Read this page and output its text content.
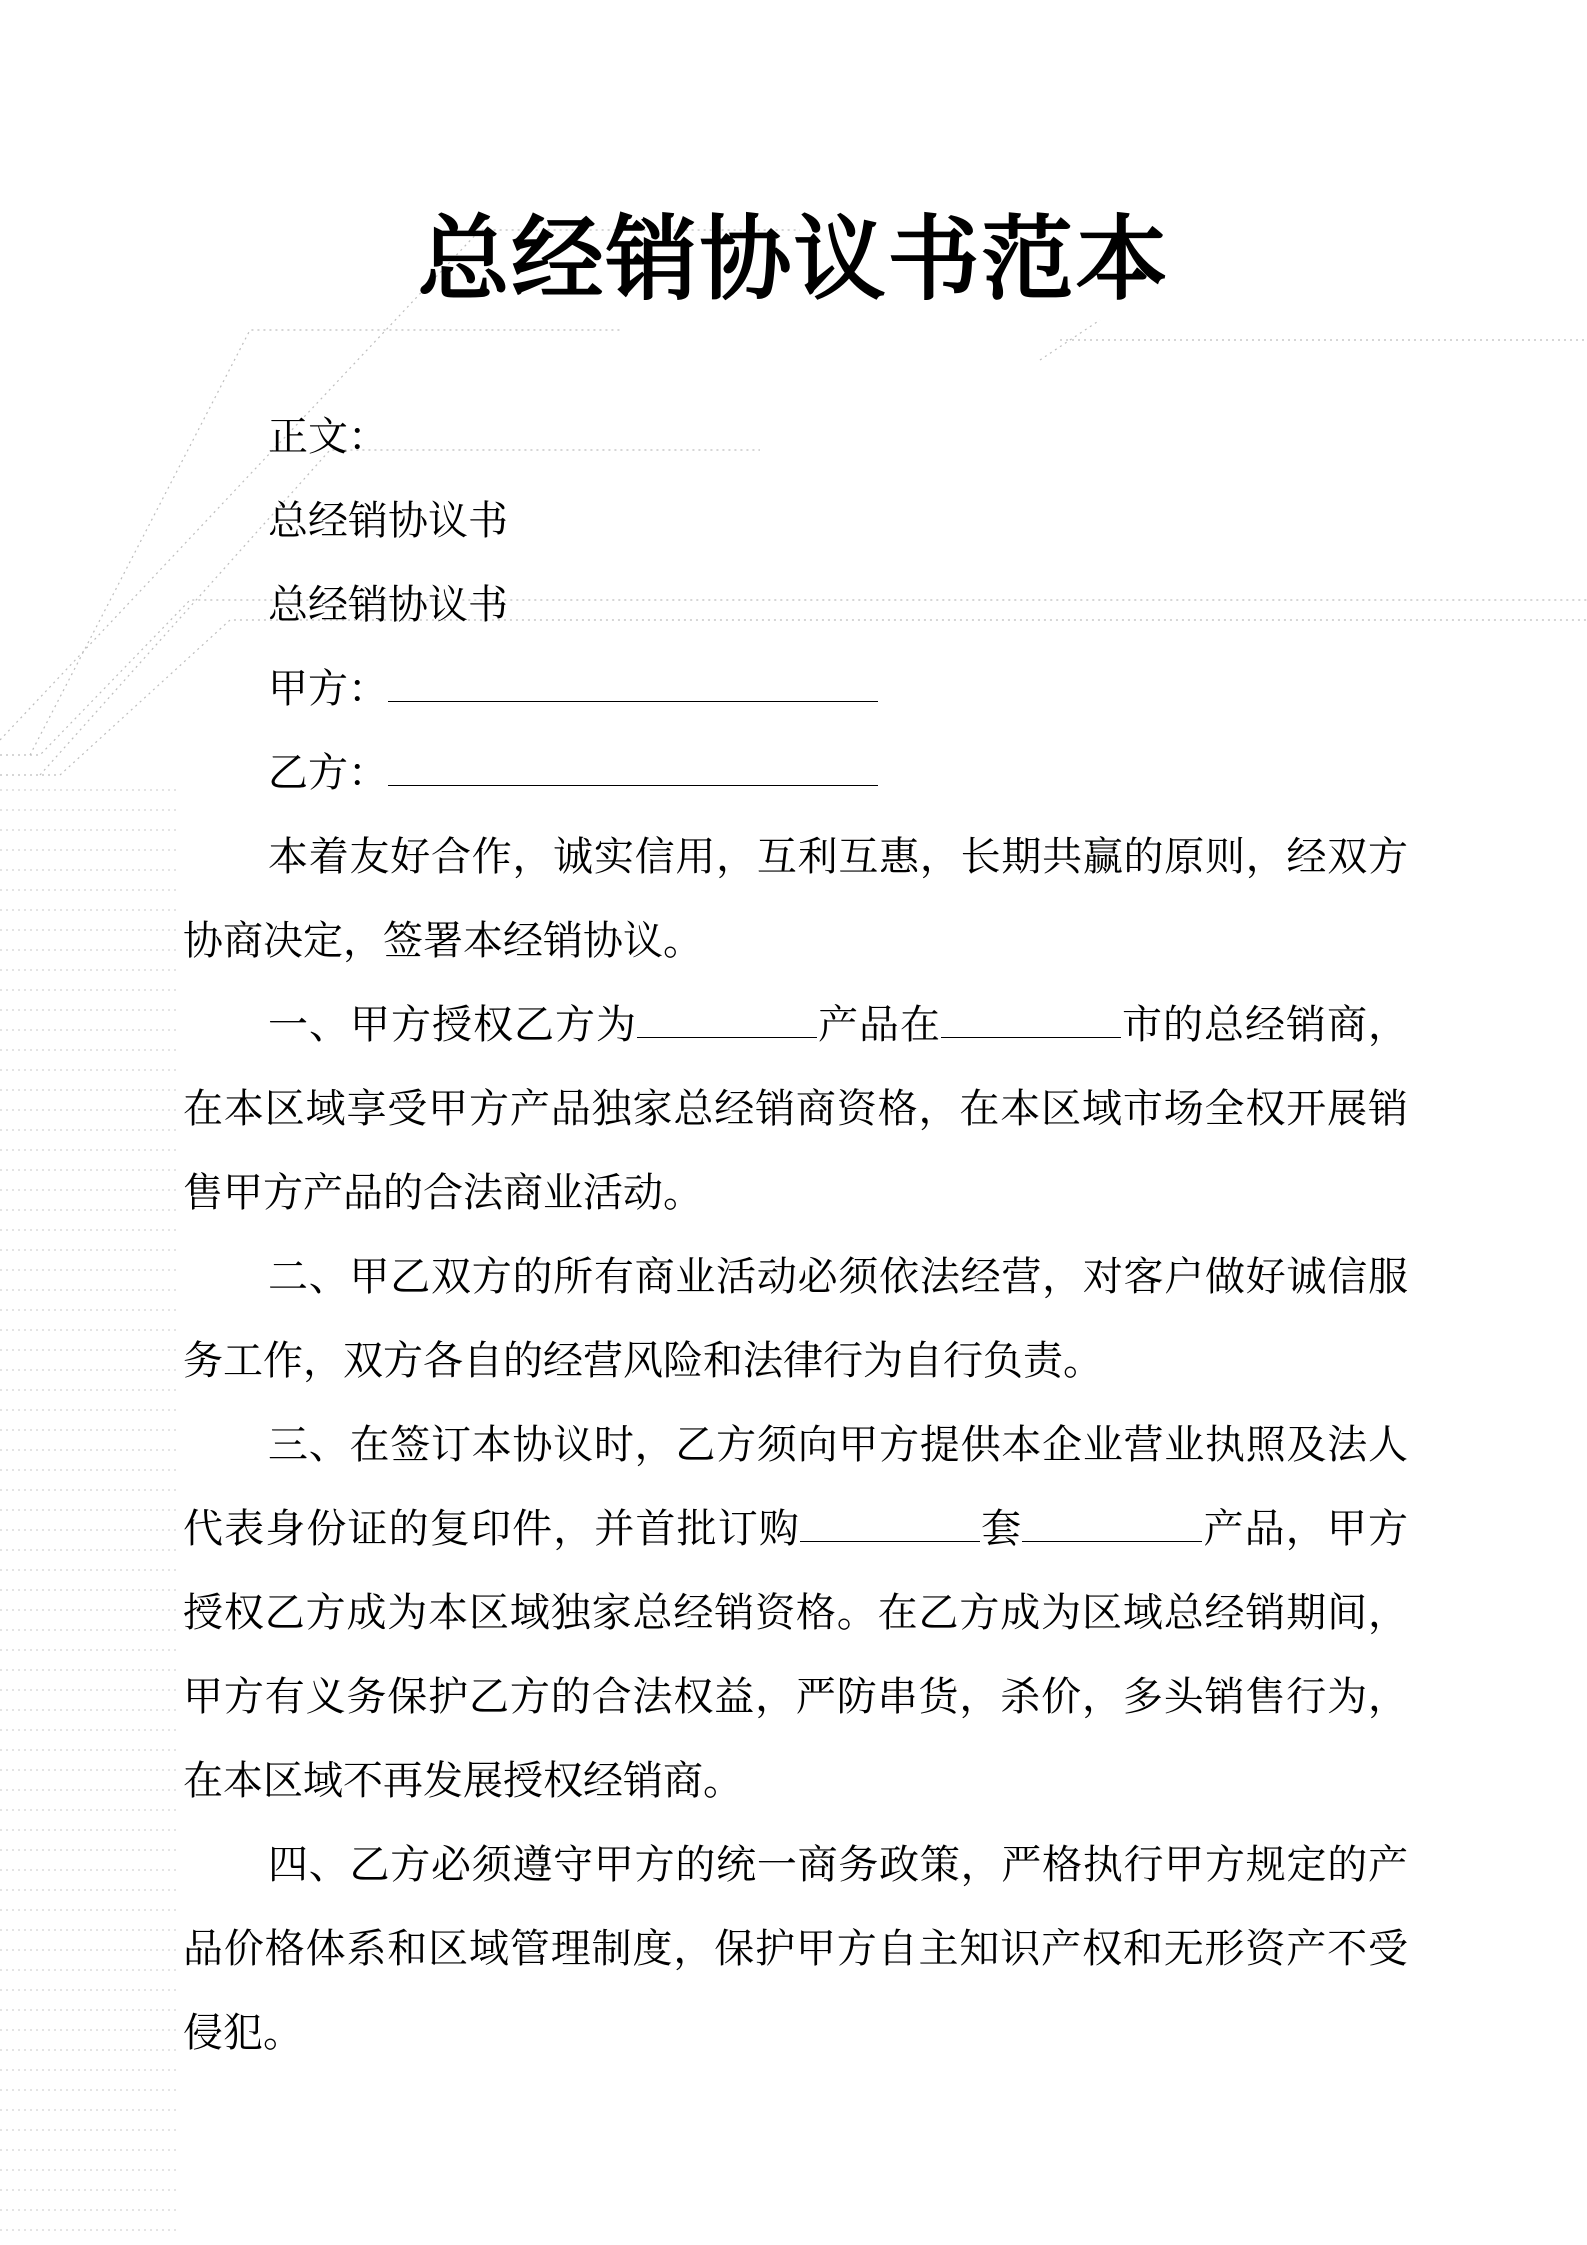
总经销协议书范本
正文：
总经销协议书
总经销协议书
甲方：
乙方：
本着友好合作，诚实信用，互利互惠，长期共赢的原则，经双方协商决定，签署本经销协议。
一、甲方授权乙方为	产品在	市的总经销商，在本区域享受甲方产品独家总经销商资格，在本区域市场全权开展销售甲方产品的合法商业活动。
二、甲乙双方的所有商业活动必须依法经营，对客户做好诚信服务工作，双方各自的经营风险和法律行为自行负责。
三、在签订本协议时，乙方须向甲方提供本企业营业执照及法人代表身份证的复印件，并首批订购	套	产品，甲方授权乙方成为本区域独家总经销资格。在乙方成为区域总经销期间，甲方有义务保护乙方的合法权益，严防串货，杀价，多头销售行为，在本区域不再发展授权经销商。
四、乙方必须遵守甲方的统一商务政策，严格执行甲方规定的产品价格体系和区域管理制度，保护甲方自主知识产权和无形资产不受侵犯。
